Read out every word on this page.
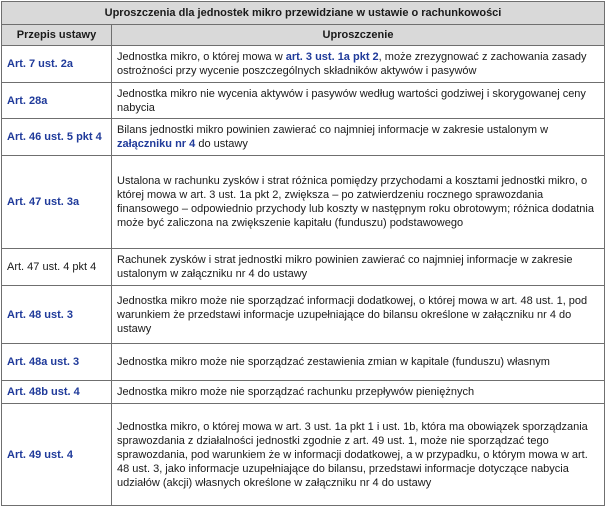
Uproszczenia dla jednostek mikro przewidziane w ustawie o rachunkowości	
Przepis ustawy	Uproszczenie
Art. 7 ust. 2a	Jednostka mikro, o której mowa w art. 3 ust. 1a pkt 2, może zrezygnować z zachowania zasady ostrożności przy wycenie poszczególnych składników aktywów i pasywów
Art. 28a	Jednostka mikro nie wycenia aktywów i pasywów według wartości godziwej i skorygowanej ceny nabycia
Art. 46 ust. 5 pkt 4	Bilans jednostki mikro powinien zawierać co najmniej informacje w zakresie ustalonym w załączniku nr 4 do ustawy
Art. 47 ust. 3a	Ustalona w rachunku zysków i strat różnica pomiędzy przychodami a kosztami jednostki mikro, o której mowa w art. 3 ust. 1a pkt 2, zwiększa – po zatwierdzeniu rocznego sprawozdania finansowego – odpowiednio przychody lub koszty w następnym roku obrotowym; różnica dodatnia może być zaliczona na zwiększenie kapitału (funduszu) podstawowego
Art. 47 ust. 4 pkt 4	Rachunek zysków i strat jednostki mikro powinien zawierać co najmniej informacje w zakresie ustalonym w załączniku nr 4 do ustawy
Art. 48 ust. 3	Jednostka mikro może nie sporządzać informacji dodatkowej, o której mowa w art. 48 ust. 1, pod warunkiem że przedstawi informacje uzupełniające do bilansu określone w załączniku nr 4 do ustawy
Art. 48a ust. 3	Jednostka mikro może nie sporządzać zestawienia zmian w kapitale (funduszu) własnym
Art. 48b ust. 4	Jednostka mikro może nie sporządzać rachunku przepływów pieniężnych
Art. 49 ust. 4	Jednostka mikro, o której mowa w art. 3 ust. 1a pkt 1 i ust. 1b, która ma obowiązek sporządzania sprawozdania z działalności jednostki zgodnie z art. 49 ust. 1, może nie sporządzać tego sprawozdania, pod warunkiem że w informacji dodatkowej, a w przypadku, o którym mowa w art. 48 ust. 3, jako informacje uzupełniające do bilansu, przedstawi informacje dotyczące nabycia udziałów (akcji) własnych określone w załączniku nr 4 do ustawy
